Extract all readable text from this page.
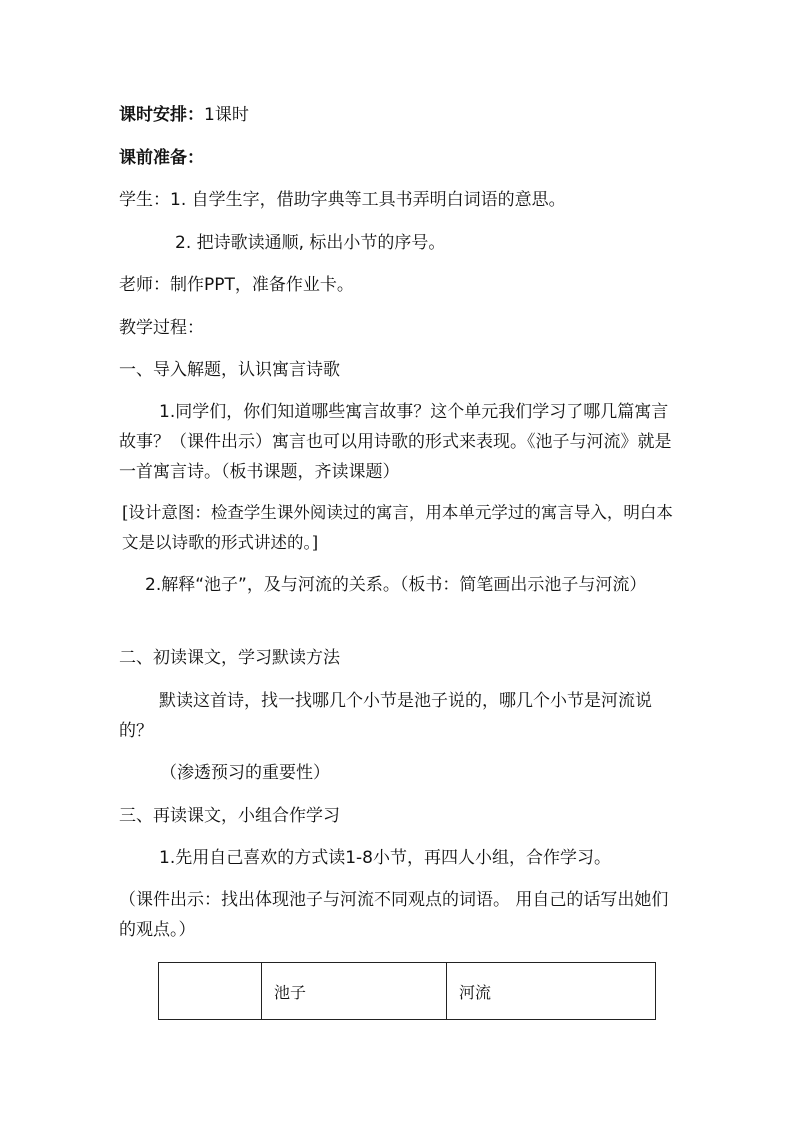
课时安排：1课时
课前准备：
学生：1. 自学生字，借助字典等工具书弄明白词语的意思。
2. 把诗歌读通顺, 标出小节的序号。
老师：制作PPT，准备作业卡。
教学过程：
一、导入解题，认识寓言诗歌
1.同学们，你们知道哪些寓言故事？这个单元我们学习了哪几篇寓言故事？（课件出示）寓言也可以用诗歌的形式来表现。《池子与河流》就是一首寓言诗。（板书课题，齐读课题）
[设计意图：检查学生课外阅读过的寓言，用本单元学过的寓言导入，明白本文是以诗歌的形式讲述的。]
2.解释“池子”，及与河流的关系。（板书：简笔画出示池子与河流）
二、初读课文，学习默读方法
默读这首诗，找一找哪几个小节是池子说的，哪几个小节是河流说的？
（渗透预习的重要性）
三、再读课文，小组合作学习
1.先用自己喜欢的方式读1-8小节，再四人小组，合作学习。
（课件出示：找出体现池子与河流不同观点的词语。 用自己的话写出她们的观点。）
	池子	河流
